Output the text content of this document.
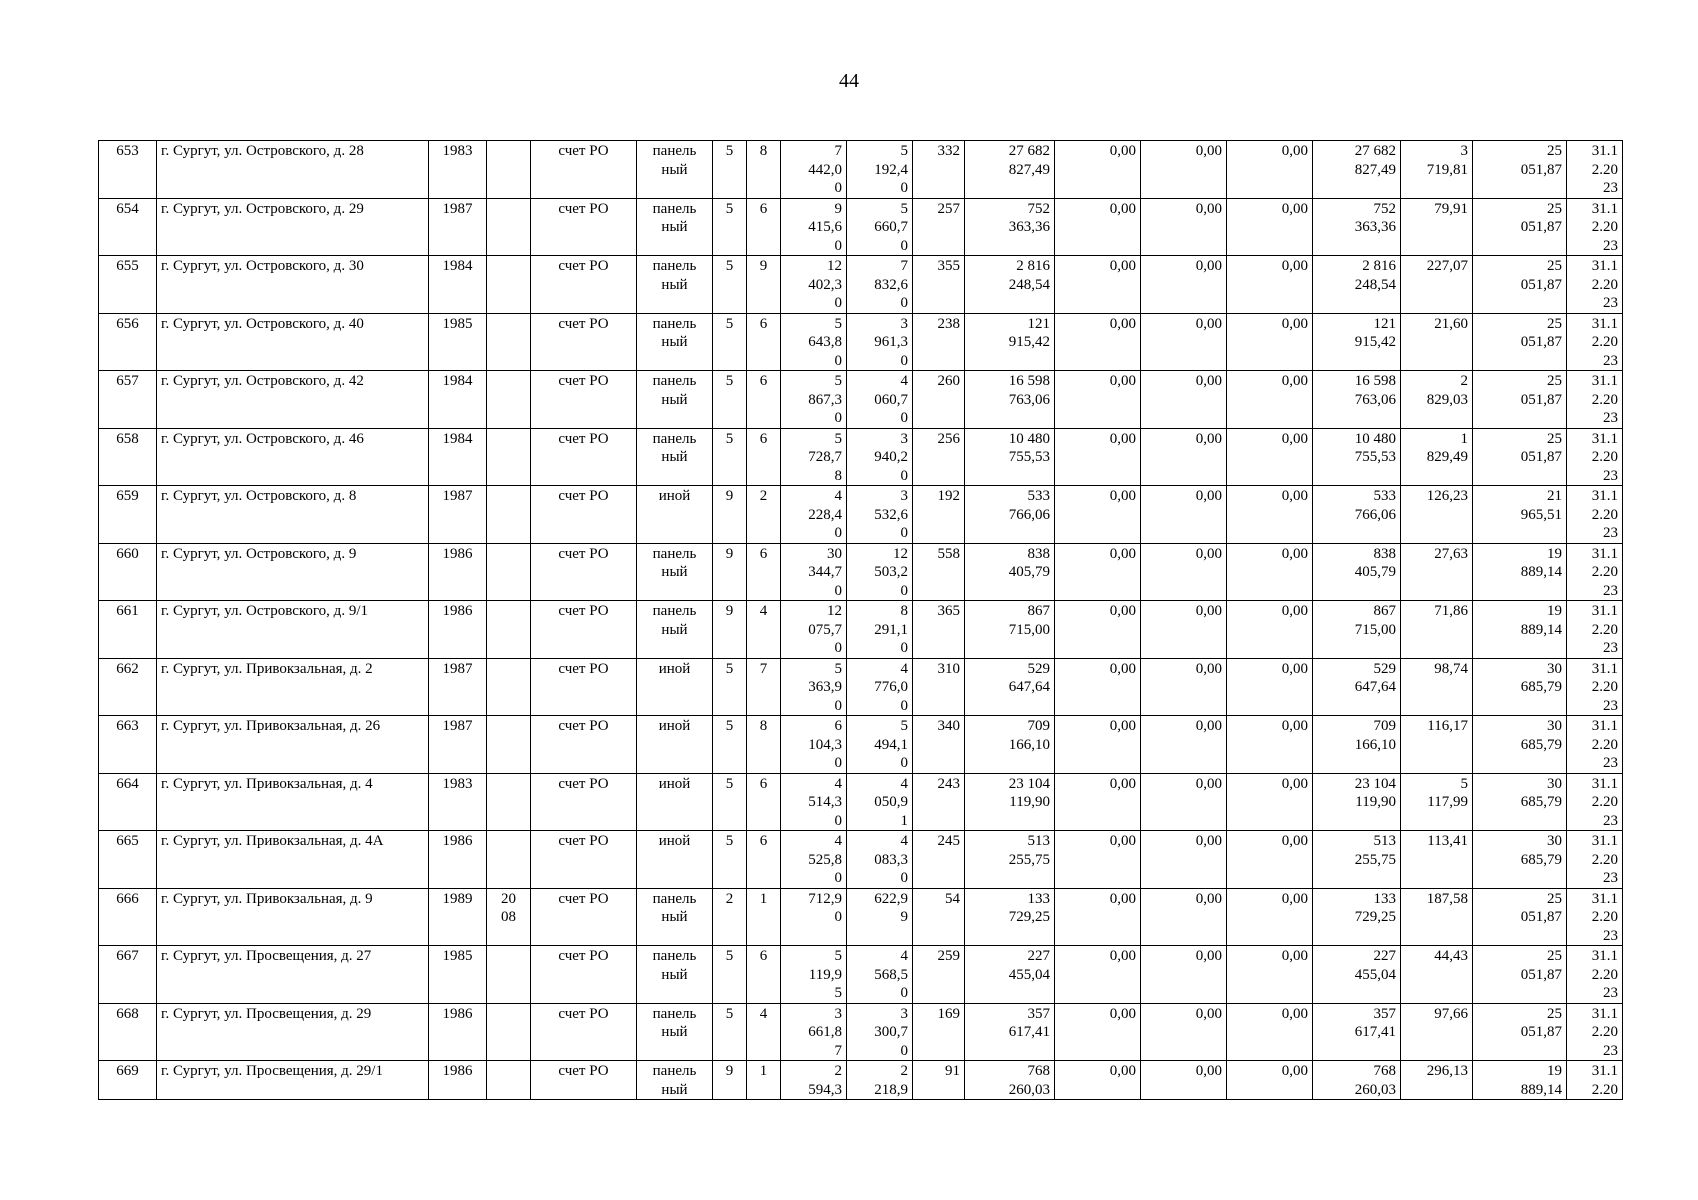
44
653	г. Сургут, ул. Островского, д. 28	1983		счет РО	панель
ный	5	8	7
442,0
0	5
192,4
0	332	27 682
827,49	0,00	0,00	0,00	27 682
827,49	3
719,81	25
051,87	31.1
2.20
23

654	г. Сургут, ул. Островского, д. 29	1987		счет РО	панель
ный	5	6	9
415,6
0	5
660,7
0	257	752
363,36	0,00	0,00	0,00	752
363,36	79,91	25
051,87	31.1
2.20
23

655	г. Сургут, ул. Островского, д. 30	1984		счет РО	панель
ный	5	9	12
402,3
0	7
832,6
0	355	2 816
248,54	0,00	0,00	0,00	2 816
248,54	227,07	25
051,87	31.1
2.20
23

656	г. Сургут, ул. Островского, д. 40	1985		счет РО	панель
ный	5	6	5
643,8
0	3
961,3
0	238	121
915,42	0,00	0,00	0,00	121
915,42	21,60	25
051,87	31.1
2.20
23

657	г. Сургут, ул. Островского, д. 42	1984		счет РО	панель
ный	5	6	5
867,3
0	4
060,7
0	260	16 598
763,06	0,00	0,00	0,00	16 598
763,06	2
829,03	25
051,87	31.1
2.20
23

658	г. Сургут, ул. Островского, д. 46	1984		счет РО	панель
ный	5	6	5
728,7
8	3
940,2
0	256	10 480
755,53	0,00	0,00	0,00	10 480
755,53	1
829,49	25
051,87	31.1
2.20
23

659	г. Сургут, ул. Островского, д. 8	1987		счет РО	иной	9	2	4
228,4
0	3
532,6
0	192	533
766,06	0,00	0,00	0,00	533
766,06	126,23	21
965,51	31.1
2.20
23

660	г. Сургут, ул. Островского, д. 9	1986		счет РО	панель
ный	9	6	30
344,7
0	12
503,2
0	558	838
405,79	0,00	0,00	0,00	838
405,79	27,63	19
889,14	31.1
2.20
23

661	г. Сургут, ул. Островского, д. 9/1	1986		счет РО	панель
ный	9	4	12
075,7
0	8
291,1
0	365	867
715,00	0,00	0,00	0,00	867
715,00	71,86	19
889,14	31.1
2.20
23

662	г. Сургут, ул. Привокзальная, д. 2	1987		счет РО	иной	5	7	5
363,9
0	4
776,0
0	310	529
647,64	0,00	0,00	0,00	529
647,64	98,74	30
685,79	31.1
2.20
23

663	г. Сургут, ул. Привокзальная, д. 26	1987		счет РО	иной	5	8	6
104,3
0	5
494,1
0	340	709
166,10	0,00	0,00	0,00	709
166,10	116,17	30
685,79	31.1
2.20
23

664	г. Сургут, ул. Привокзальная, д. 4	1983		счет РО	иной	5	6	4
514,3
0	4
050,9
1	243	23 104
119,90	0,00	0,00	0,00	23 104
119,90	5
117,99	30
685,79	31.1
2.20
23

665	г. Сургут, ул. Привокзальная, д. 4А	1986		счет РО	иной	5	6	4
525,8
0	4
083,3
0	245	513
255,75	0,00	0,00	0,00	513
255,75	113,41	30
685,79	31.1
2.20
23

666	г. Сургут, ул. Привокзальная, д. 9	1989	20
08	счет РО	панель
ный	2	1	712,9
0	622,9
9	54	133
729,25	0,00	0,00	0,00	133
729,25	187,58	25
051,87	31.1
2.20
23

667	г. Сургут, ул. Просвещения, д. 27	1985		счет РО	панель
ный	5	6	5
119,9
5	4
568,5
0	259	227
455,04	0,00	0,00	0,00	227
455,04	44,43	25
051,87	31.1
2.20
23

668	г. Сургут, ул. Просвещения, д. 29	1986		счет РО	панель
ный	5	4	3
661,8
7	3
300,7
0	169	357
617,41	0,00	0,00	0,00	357
617,41	97,66	25
051,87	31.1
2.20
23

669	г. Сургут, ул. Просвещения, д. 29/1	1986		счет РО	панель
ный	9	1	2
594,3	2
218,9	91	768
260,03	0,00	0,00	0,00	768
260,03	296,13	19
889,14	31.1
2.20
